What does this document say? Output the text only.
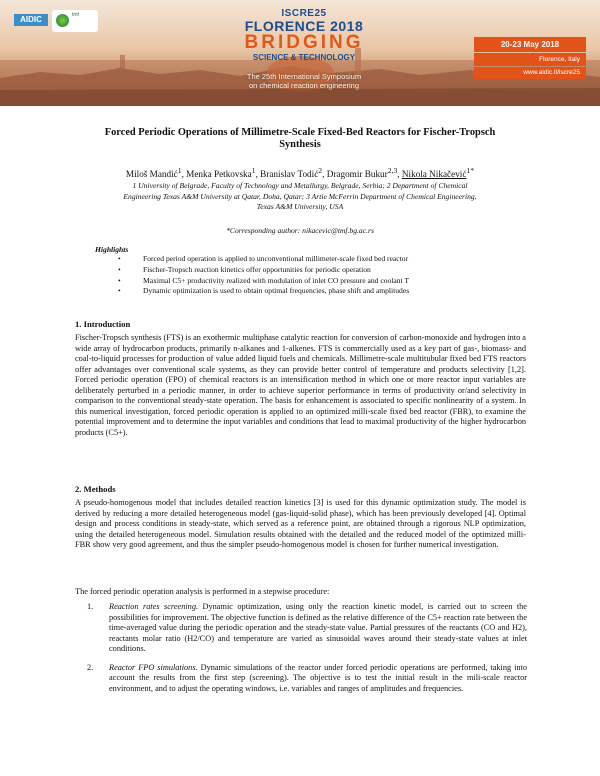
AIDIC	tmf	ISCRE25
FLORENCE 2018
BRIDGING
SCIENCE & TECHNOLOGY
The 25th International Symposium
on chemical reaction engineering
20-23 May 2018
Florence, Italy
www.aidic.it/iscre25
Forced Periodic Operations of Millimetre-Scale Fixed-Bed Reactors for Fischer-Tropsch
Synthesis
Miloš Mandić$^1$, Menka Petkovska$^1$, Branislav Todić$^2$, Dragomir Bukur$^{2,3}$, Nikola Nikačević$^{1*}$
1 University of Belgrade, Faculty of Technology and Metallurgy, Belgrade, Serbia; 2 Department of Chemical
Engineering Texas A&M University at Qatar, Doha, Qatar; 3 Artie McFerrin Department of Chemical Engineering,
Texas A&M University, USA
*Corresponding author: nikacevic@tmf.bg.ac.rs
Highlights
• Forced period operation is applied to unconventional millimeter-scale fixed bed reactor
• Fischer-Tropsch reaction kinetics offer opportunities for periodic operation
• Maximal C5+ productivity realized with modulation of inlet CO pressure and coolant T
• Dynamic optimization is used to obtain optimal frequencies, phase shift and amplitudes
1. Introduction
Fischer-Tropsch synthesis (FTS) is an exothermic multiphase catalytic reaction for conversion of carbon-monoxide and hydrogen into a wide array of hydrocarbon products, primarily n-alkanes and 1-alkenes. FTS is commercially used as a key part of gas-, biomass- and coal-to-liquid processes for production of value added liquid fuels and chemicals. Millimetre-scale multitubular fixed bed FTS reactors offer advantages over conventional scale systems, as they can provide better control of temperature and products selectivity [1,2]. Forced periodic operation (FPO) of chemical reactors is an intensification method in which one or more reactor input variables are deliberately perturbed in a periodic manner, in order to achieve superior performance in terms of productivity or/and selectivity in comparison to the conventional steady-state operation. The basis for enhancement is associated to specific nonlinearity of a system. In this numerical investigation, forced periodic operation is applied to an optimized milli-scale fixed bed reactor (FBR), to examine the potential improvement and to determine the input variables and conditions that lead to maximal productivity of the higher hydrocarbon products (C5+).
2. Methods
A pseudo-homogenous model that includes detailed reaction kinetics [3] is used for this dynamic optimization study. The model is derived by reducing a more detailed heterogeneous model (gas-liquid-solid phase), which has been previously developed [4]. Optimal design and process conditions in steady-state, which served as a reference point, are obtained through a rigorous NLP optimization, using the detailed heterogeneous model. Simulation results obtained with the detailed and the reduced model of the optimized milli- FBR show very good agreement, and thus the simpler pseudo-homogenous model is chosen for further numerical investigation.
The forced periodic operation analysis is performed in a stepwise procedure:
1. Reaction rates screening. Dynamic optimization, using only the reaction kinetic model, is carried out to screen the possibilities for improvement. The objective function is defined as the relative difference of the C5+ reaction rate between the time-averaged value during the periodic operation and the steady-state value. Partial pressures of the reactants (CO and H2), reactants molar ratio (H2/CO) and temperature are varied as sinusoidal waves around their steady-state values at inlet conditions.
2. Reactor FPO simulations. Dynamic simulations of the reactor under forced periodic operations are performed, taking into account the results from the first step (screening). The objective is to test the initial result in the mili-scale reactor environment, and to adjust the operating windows, i.e. variables and ranges of amplitudes and frequencies.
